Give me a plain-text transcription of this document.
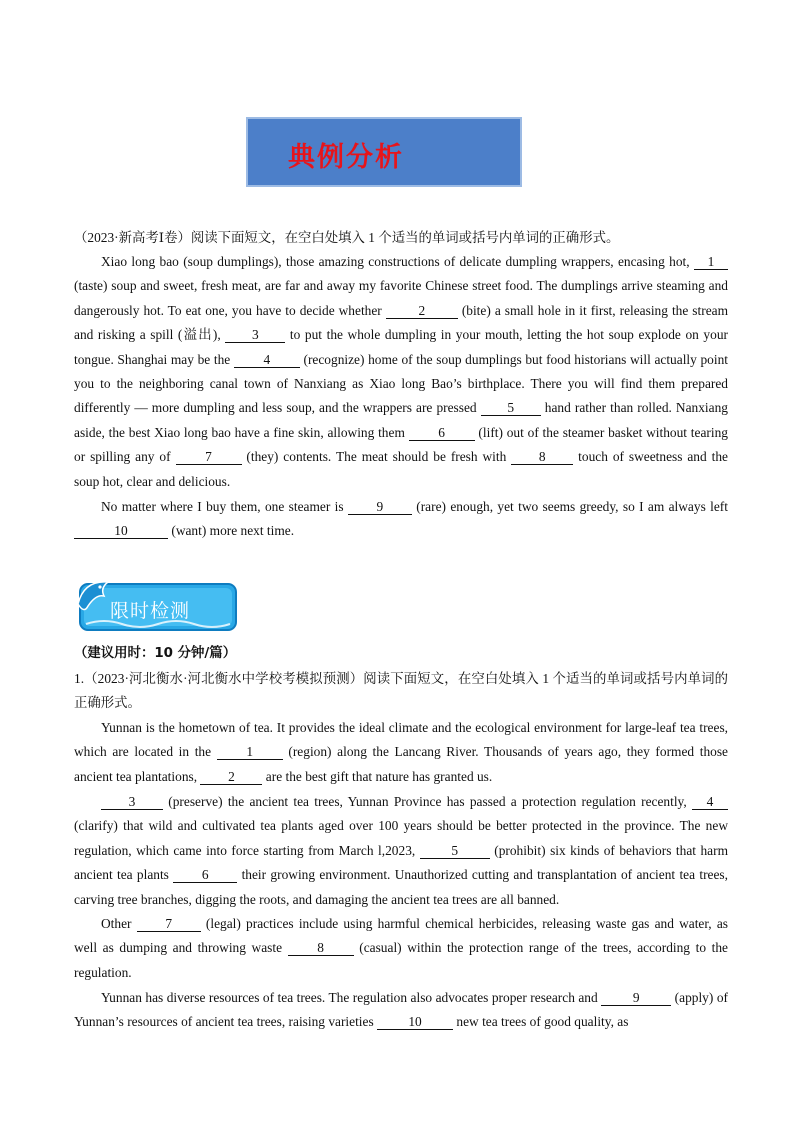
典例分析

（2023·新高考Ⅰ卷）阅读下面短文，在空白处填入 1 个适当的单词或括号内单词的正确形式。

Xiao long bao (soup dumplings), those amazing constructions of delicate dumpling wrappers, encasing hot, 1 (taste) soup and sweet, fresh meat, are far and away my favorite Chinese street food. The dumplings arrive steaming and dangerously hot. To eat one, you have to decide whether	2	(bite) a small hole in it first, releasing the stream and risking a spill (溢出), 3 to put the whole dumpling in your mouth, letting the hot soup explode on your tongue. Shanghai may be the 4 (recognize) home of the soup dumplings but food historians will actually point you to the neighboring canal town of Nanxiang as Xiao long Bao’s birthplace. There you will find them prepared differently — more dumpling and less soup, and the wrappers are pressed 5 hand rather than rolled. Nanxiang aside, the best Xiao long bao have a fine skin, allowing them 6 (lift) out of the steamer basket without tearing or spilling any of	7	(they) contents. The meat should be fresh with 8 touch of sweetness and the soup hot, clear and delicious.

No matter where I buy them, one steamer is 9 (rare) enough, yet two seems greedy, so I am always left 10	(want) more next time.

限时检测
（建议用时：10 分钟/篇）

1.（2023·河北衡水·河北衡水中学校考模拟预测）阅读下面短文，在空白处填入 1 个适当的单词或括号内单词的正确形式。

Yunnan is the hometown of tea. It provides the ideal climate and the ecological environment for large-leaf tea trees, which are located in the	1	(region) along the Lancang River. Thousands of years ago, they formed those ancient tea plantations, 2 are the best gift that nature has granted us.

3 (preserve) the ancient tea trees, Yunnan Province has passed a protection regulation recently, 4 (clarify) that wild and cultivated tea plants aged over 100 years should be better protected in the province. The new regulation, which came into force starting from March l,2023,	5	(prohibit) six kinds of behaviors that harm ancient tea plants 6 their growing environment. Unauthorized cutting and transplantation of ancient tea trees, carving tree branches, digging the roots, and damaging the ancient tea trees are all banned.

Other	7	(legal) practices include using harmful chemical herbicides, releasing waste gas and water, as well as dumping and throwing waste	8	(casual) within the protection range of the trees, according to the regulation.

Yunnan has diverse resources of tea trees. The regulation also advocates proper research and	9	(apply) of Yunnan’s resources of ancient tea trees, raising varieties	10	new tea trees of good quality, as
